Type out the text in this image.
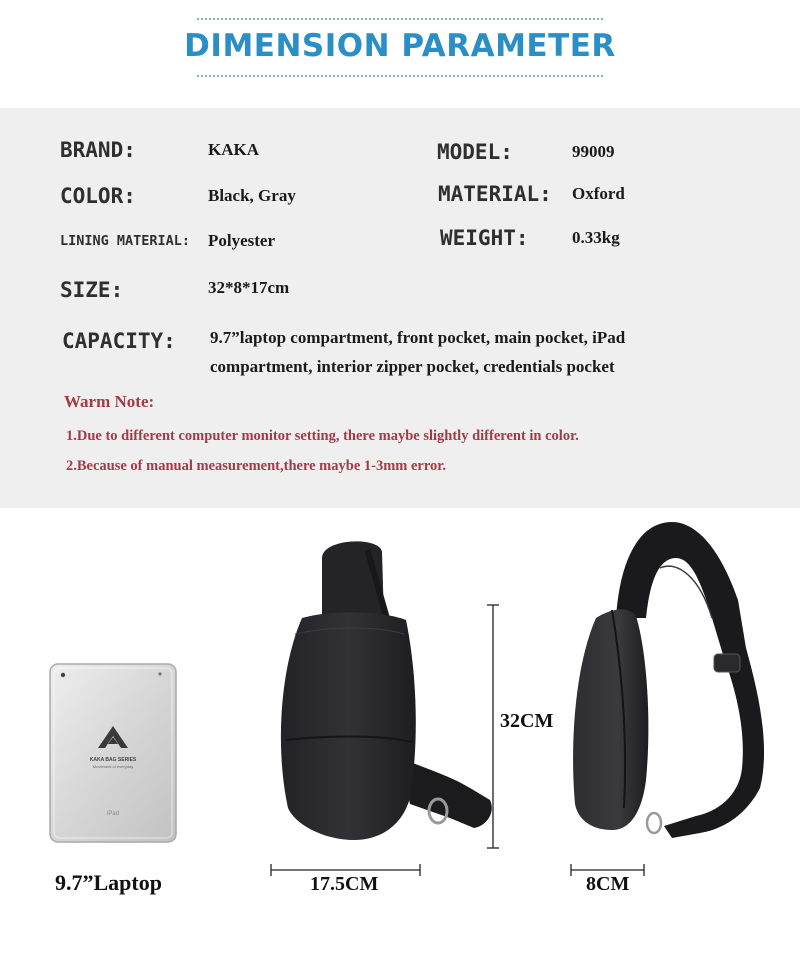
DIMENSION PARAMETER
BRAND:	KAKA	MODEL:	99009
COLOR:	Black, Gray	MATERIAL: Oxford
LINING MATERIAL: Polyester	WEIGHT:	0.33kg
SIZE:	32*8*17cm
CAPACITY: 9.7”laptop compartment, front pocket, main pocket, iPad
compartment, interior zipper pocket, credentials pocket
Warm Note:
1.Due to different computer monitor setting, there maybe slightly different in color.
2.Because of manual measurement,there maybe 1-3mm error.
KAKA BAG SERIES
Movement of everyday
iPad
32CM
17.5CM	8CM
9.7”Laptop
